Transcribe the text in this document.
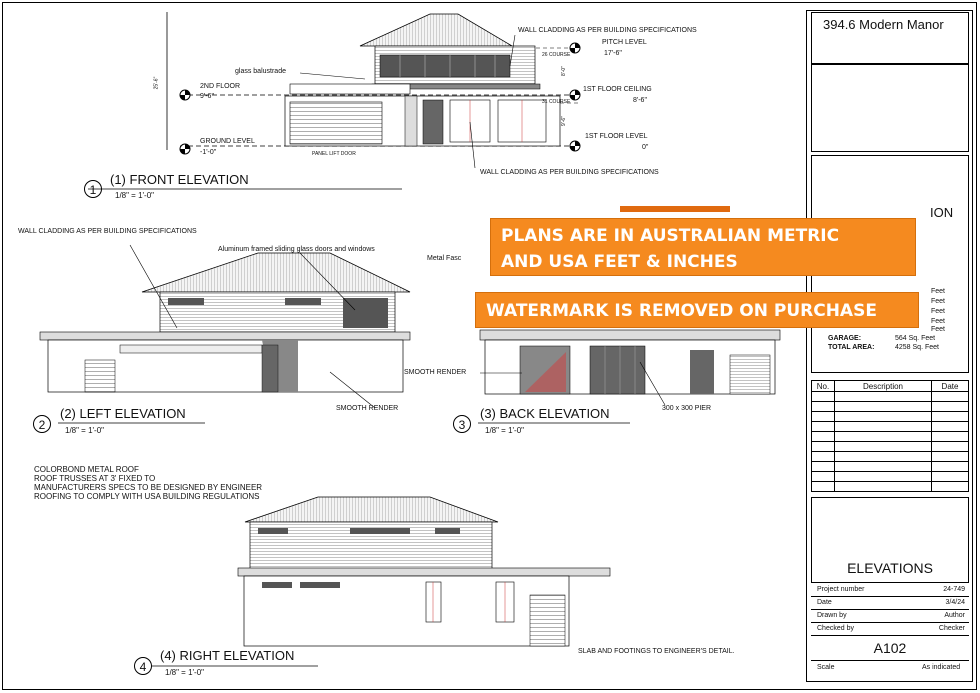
WALL CLADDING AS PER BUILDING SPECIFICATIONS
PITCH LEVEL
17'-6"
glass balustrade
2ND FLOOR
9'-6"
1ST FLOOR CEILING
8'-6"
1ST FLOOR LEVEL
0"
GROUND LEVEL
-1'-0"
26 COURSE
31 COURSE
PANEL LIFT DOOR
25'-6"
8'-0"
9'-6"
WALL CLADDING AS PER BUILDING SPECIFICATIONS
1
(1) FRONT ELEVATION
1/8" = 1'-0"
WALL CLADDING AS PER BUILDING SPECIFICATIONS
Aluminum framed sliding glass doors and windows
Metal Fasc
SMOOTH RENDER
2
(2) LEFT ELEVATION
1/8" = 1'-0"
SMOOTH RENDER
300 x 300 PIER
3
(3) BACK ELEVATION
1/8" = 1'-0"
COLORBOND METAL ROOF
ROOF TRUSSES AT 3' FIXED TO
MANUFACTURERS SPECS TO BE DESIGNED BY ENGINEER
ROOFING TO COMPLY WITH USA BUILDING REGULATIONS
SLAB AND FOOTINGS TO ENGINEER'S DETAIL.
4
(4) RIGHT ELEVATION
1/8" = 1'-0"
394.6 Modern Manor
ION
Feet
Feet
Feet
Feet
Feet
GARAGE:	564 Sq. Feet
TOTAL AREA:	4258 Sq. Feet
No.	Description	Date

ELEVATIONS
Project number	24-749
Date	3/4/24
Drawn by	Author
Checked by	Checker
A102
Scale	As indicated
PLANS ARE IN AUSTRALIAN METRIC
AND USA FEET & INCHES
WATERMARK IS REMOVED ON PURCHASE
